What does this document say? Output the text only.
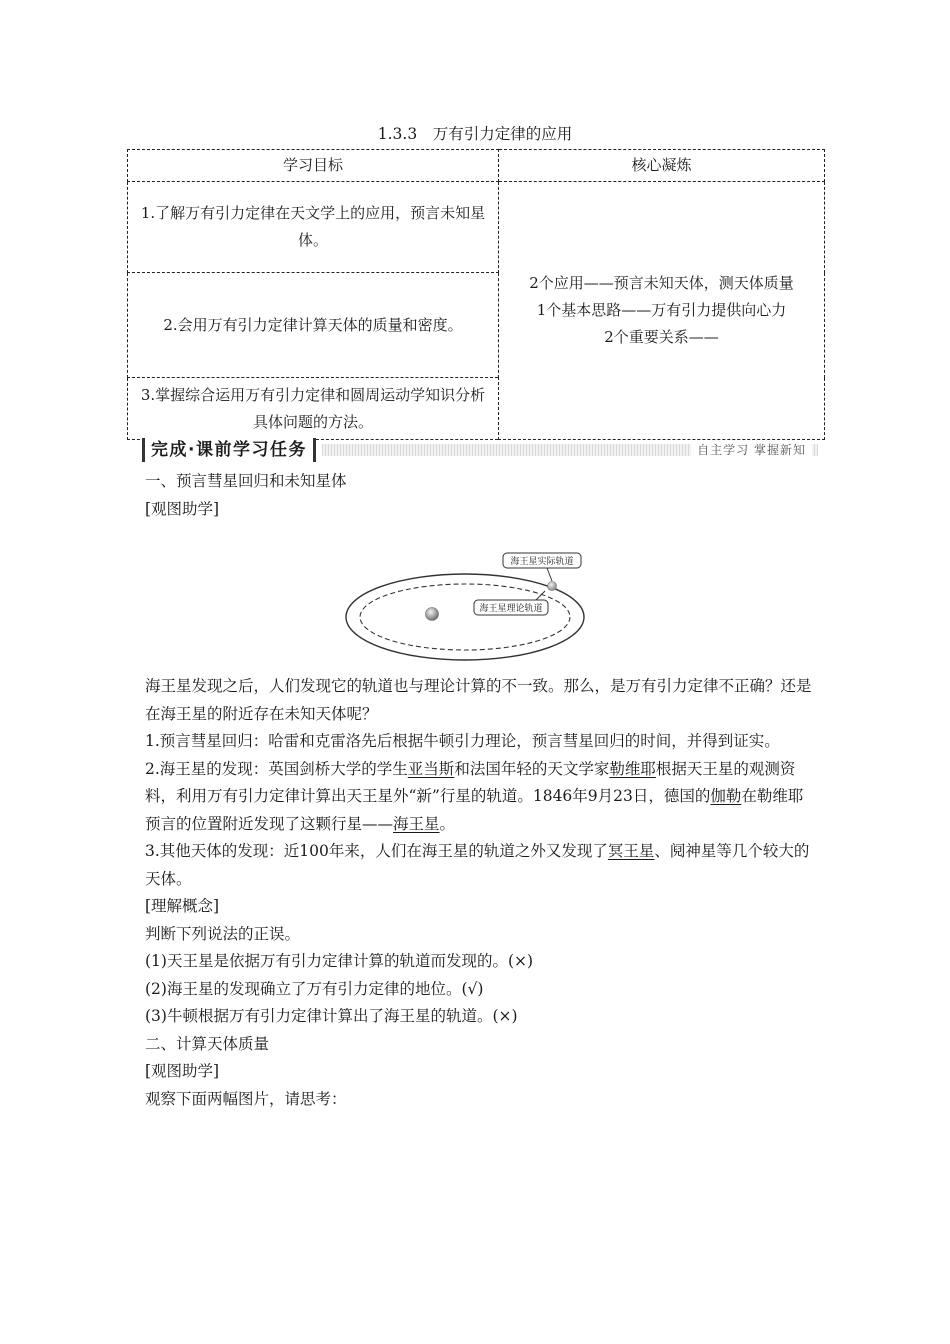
1.3.3　万有引力定律的应用
学习目标	核心凝炼
1.了解万有引力定律在天文学上的应用，预言未知星体。	2个应用——预言未知天体，测天体质量
1个基本思路——万有引力提供向心力
2个重要关系——

2.会用万有引力定律计算天体的质量和密度。	
3.掌握综合运用万有引力定律和圆周运动学知识分析具体问题的方法。	
完成·课前学习任务	自主学习 掌握新知

一、预言彗星回归和未知星体

[观图助学]

海王星实际轨道
海王星理论轨道

海王星发现之后，人们发现它的轨道也与理论计算的不一致。那么，是万有引力定律不正确？还是在海王星的附近存在未知天体呢？

1.预言彗星回归：哈雷和克雷洛先后根据牛顿引力理论，预言彗星回归的时间，并得到证实。

2.海王星的发现：英国剑桥大学的学生亚当斯和法国年轻的天文学家勒维耶根据天王星的观测资料，利用万有引力定律计算出天王星外“新”行星的轨道。1846年9月23日，德国的伽勒在勒维耶预言的位置附近发现了这颗行星——海王星。

3.其他天体的发现：近100年来，人们在海王星的轨道之外又发现了冥王星、阋神星等几个较大的天体。

[理解概念]

判断下列说法的正误。

(1)天王星是依据万有引力定律计算的轨道而发现的。(×)

(2)海王星的发现确立了万有引力定律的地位。(√)

(3)牛顿根据万有引力定律计算出了海王星的轨道。(×)

二、计算天体质量

[观图助学]

观察下面两幅图片，请思考：
